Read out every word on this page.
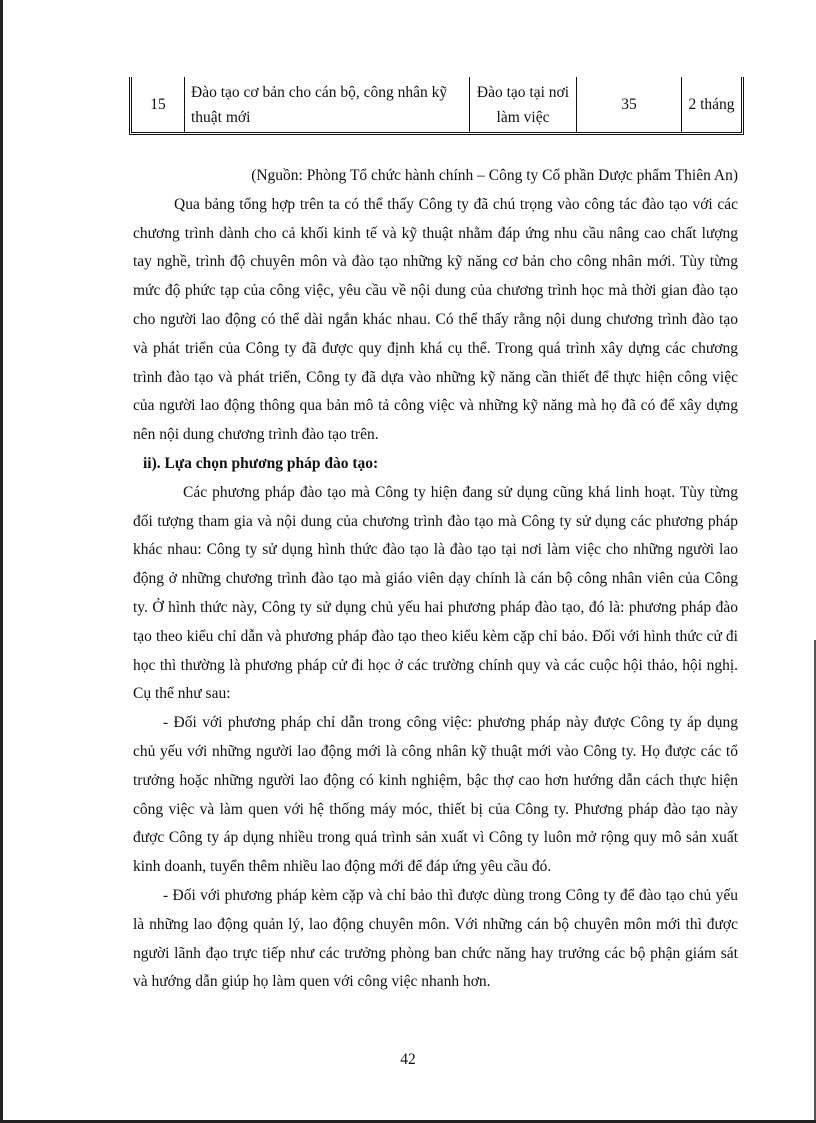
15	Đào tạo cơ bản cho cán bộ, công nhân kỹ thuật mới	Đào tạo tại nơi làm việc	35	2 tháng

(Nguồn: Phòng Tổ chức hành chính – Công ty Cổ phần Dược phẩm Thiên An)

Qua bảng tổng hợp trên ta có thể thấy Công ty đã chú trọng vào công tác đào tạo với các chương trình dành cho cả khối kinh tế và kỹ thuật nhằm đáp ứng nhu cầu nâng cao chất lượng tay nghề, trình độ chuyên môn và đào tạo những kỹ năng cơ bản cho công nhân mới. Tùy từng mức độ phức tạp của công việc, yêu cầu về nội dung của chương trình học mà thời gian đào tạo cho người lao động có thể dài ngắn khác nhau. Có thể thấy rằng nội dung chương trình đào tạo và phát triển của Công ty đã được quy định khá cụ thể. Trong quá trình xây dựng các chương trình đào tạo và phát triển, Công ty đã dựa vào những kỹ năng cần thiết để thực hiện công việc của người lao động thông qua bản mô tả công việc và những kỹ năng mà họ đã có để xây dựng nên nội dung chương trình đào tạo trên.

ii). Lựa chọn phương pháp đào tạo:

Các phương pháp đào tạo mà Công ty hiện đang sử dụng cũng khá linh hoạt. Tùy từng đối tượng tham gia và nội dung của chương trình đào tạo mà Công ty sử dụng các phương pháp khác nhau: Công ty sử dụng hình thức đào tạo là đào tạo tại nơi làm việc cho những người lao động ở những chương trình đào tạo mà giáo viên dạy chính là cán bộ công nhân viên của Công ty. Ở hình thức này, Công ty sử dụng chủ yếu hai phương pháp đào tạo, đó là: phương pháp đào tạo theo kiểu chỉ dẫn và phương pháp đào tạo theo kiểu kèm cặp chỉ bảo. Đối với hình thức cử đi học thì thường là phương pháp cử đi học ở các trường chính quy và các cuộc hội thảo, hội nghị. Cụ thể như sau:

- Đối với phương pháp chỉ dẫn trong công việc: phương pháp này được Công ty áp dụng chủ yếu với những người lao động mới là công nhân kỹ thuật mới vào Công ty. Họ được các tổ trưởng hoặc những người lao động có kinh nghiệm, bậc thợ cao hơn hướng dẫn cách thực hiện công việc và làm quen với hệ thống máy móc, thiết bị của Công ty. Phương pháp đào tạo này được Công ty áp dụng nhiều trong quá trình sản xuất vì Công ty luôn mở rộng quy mô sản xuất kinh doanh, tuyển thêm nhiều lao động mới để đáp ứng yêu cầu đó.

- Đối với phương pháp kèm cặp và chỉ bảo thì được dùng trong Công ty để đào tạo chủ yếu là những lao động quản lý, lao động chuyên môn. Với những cán bộ chuyên môn mới thì được người lãnh đạo trực tiếp như các trưởng phòng ban chức năng hay trưởng các bộ phận giám sát và hướng dẫn giúp họ làm quen với công việc nhanh hơn.

42
